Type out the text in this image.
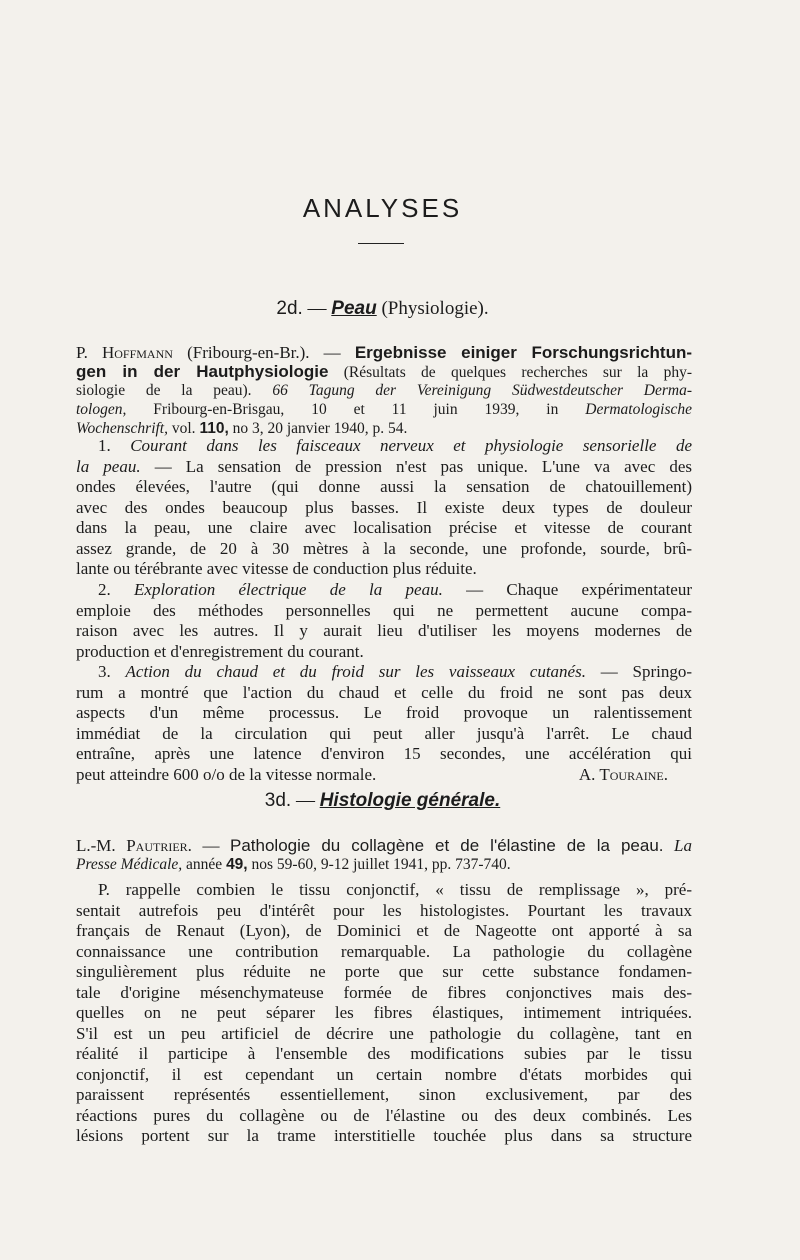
ANALYSES
2d. — Peau (Physiologie).
P. Hoffmann (Fribourg-en-Br.). — Ergebnisse einiger Forschungsrichtun-
gen in der Hautphysiologie (Résultats de quelques recherches sur la phy-
siologie de la peau). 66 Tagung der Vereinigung Südwestdeutscher Derma-
tologen, Fribourg-en-Brisgau, 10 et 11 juin 1939, in Dermatologische
Wochenschrift, vol. 110, no 3, 20 janvier 1940, p. 54.
1. Courant dans les faisceaux nerveux et physiologie sensorielle de
la peau. — La sensation de pression n'est pas unique. L'une va avec des
ondes élevées, l'autre (qui donne aussi la sensation de chatouillement)
avec des ondes beaucoup plus basses. Il existe deux types de douleur
dans la peau, une claire avec localisation précise et vitesse de courant
assez grande, de 20 à 30 mètres à la seconde, une profonde, sourde, brû-
lante ou térébrante avec vitesse de conduction plus réduite.
2. Exploration électrique de la peau. — Chaque expérimentateur
emploie des méthodes personnelles qui ne permettent aucune compa-
raison avec les autres. Il y aurait lieu d'utiliser les moyens modernes de
production et d'enregistrement du courant.
3. Action du chaud et du froid sur les vaisseaux cutanés. — Springo-
rum a montré que l'action du chaud et celle du froid ne sont pas deux
aspects d'un même processus. Le froid provoque un ralentissement
immédiat de la circulation qui peut aller jusqu'à l'arrêt. Le chaud
entraîne, après une latence d'environ 15 secondes, une accélération qui
peut atteindre 600 o/o de la vitesse normale.	A. Touraine.
3d. — Histologie générale.
L.-M. Pautrier. — Pathologie du collagène et de l'élastine de la peau. La
Presse Médicale, année 49, nos 59-60, 9-12 juillet 1941, pp. 737-740.
P. rappelle combien le tissu conjonctif, « tissu de remplissage », pré-
sentait autrefois peu d'intérêt pour les histologistes. Pourtant les travaux
français de Renaut (Lyon), de Dominici et de Nageotte ont apporté à sa
connaissance une contribution remarquable. La pathologie du collagène
singulièrement plus réduite ne porte que sur cette substance fondamen-
tale d'origine mésenchymateuse formée de fibres conjonctives mais des-
quelles on ne peut séparer les fibres élastiques, intimement intriquées.
S'il est un peu artificiel de décrire une pathologie du collagène, tant en
réalité il participe à l'ensemble des modifications subies par le tissu
conjonctif, il est cependant un certain nombre d'états morbides qui
paraissent représentés essentiellement, sinon exclusivement, par des
réactions pures du collagène ou de l'élastine ou des deux combinés. Les
lésions portent sur la trame interstitielle touchée plus dans sa structure
